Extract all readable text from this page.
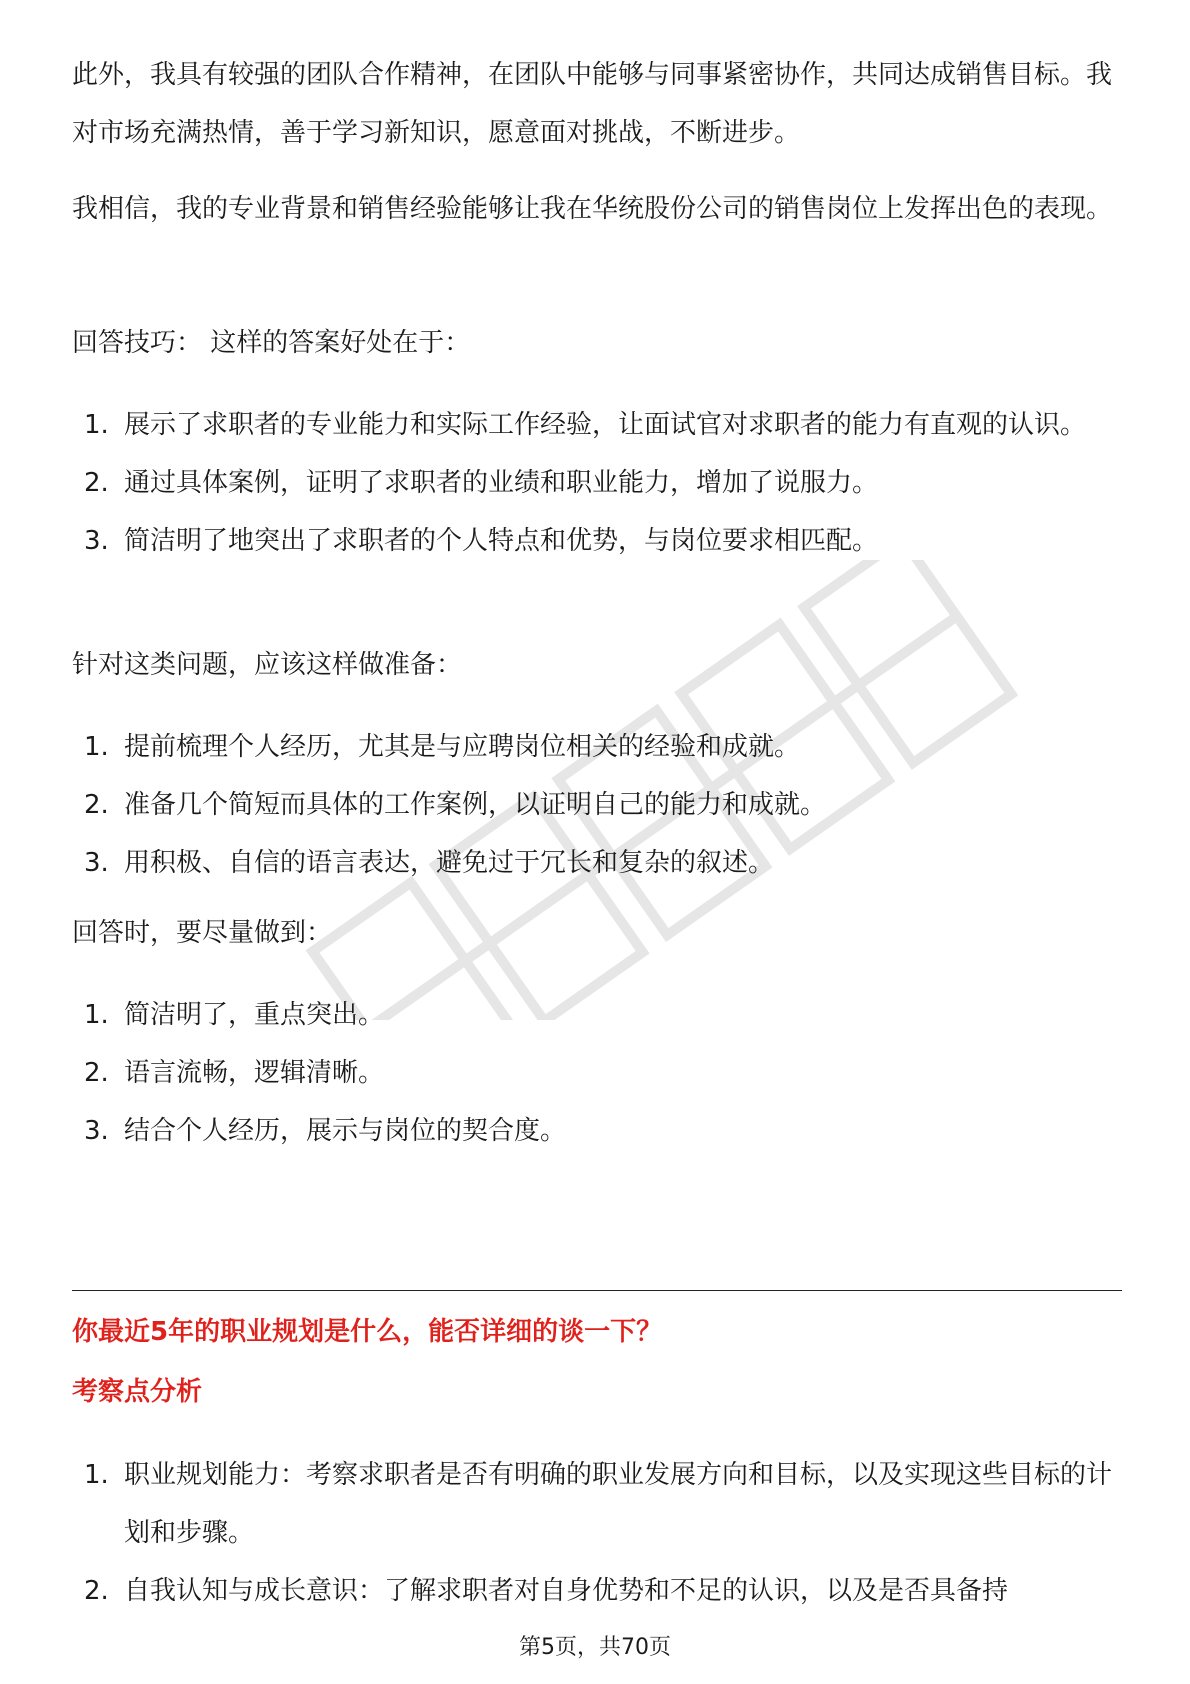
此外，我具有较强的团队合作精神，在团队中能够与同事紧密协作，共同达成销售目标。我对市场充满热情，善于学习新知识，愿意面对挑战，不断进步。

我相信，我的专业背景和销售经验能够让我在华统股份公司的销售岗位上发挥出色的表现。

回答技巧： 这样的答案好处在于：

1. 展示了求职者的专业能力和实际工作经验，让面试官对求职者的能力有直观的认识。
2. 通过具体案例，证明了求职者的业绩和职业能力，增加了说服力。
3. 简洁明了地突出了求职者的个人特点和优势，与岗位要求相匹配。

针对这类问题，应该这样做准备：

1. 提前梳理个人经历，尤其是与应聘岗位相关的经验和成就。
2. 准备几个简短而具体的工作案例，以证明自己的能力和成就。
3. 用积极、自信的语言表达，避免过于冗长和复杂的叙述。

回答时，要尽量做到：

1. 简洁明了，重点突出。
2. 语言流畅，逻辑清晰。
3. 结合个人经历，展示与岗位的契合度。

你最近5年的职业规划是什么，能否详细的谈一下？

考察点分析

1. 职业规划能力：考察求职者是否有明确的职业发展方向和目标，以及实现这些目标的计划和步骤。
2. 自我认知与成长意识：了解求职者对自身优势和不足的认识，以及是否具备持
第5页，共70页
